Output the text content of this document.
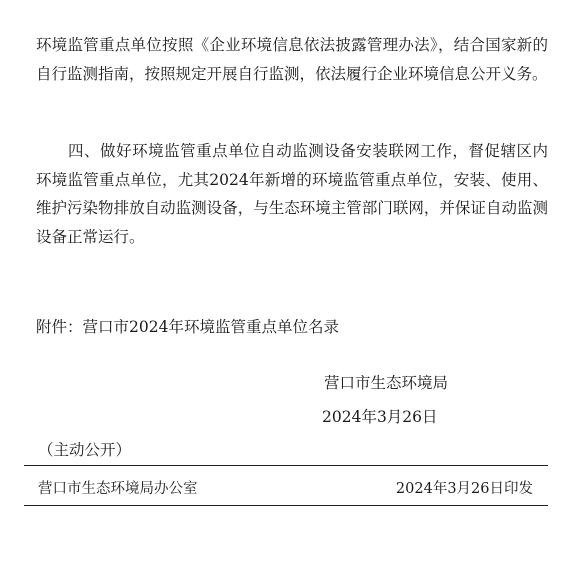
环境监管重点单位按照《企业环境信息依法披露管理办法》，结合国家新的自行监测指南，按照规定开展自行监测，依法履行企业环境信息公开义务。

四、做好环境监管重点单位自动监测设备安装联网工作，督促辖区内环境监管重点单位，尤其2024年新增的环境监管重点单位，安装、使用、维护污染物排放自动监测设备，与生态环境主管部门联网，并保证自动监测设备正常运行。

附件：营口市2024年环境监管重点单位名录

营口市生态环境局
2024年3月26日
（主动公开）
营口市生态环境局办公室	2024年3月26日印发
